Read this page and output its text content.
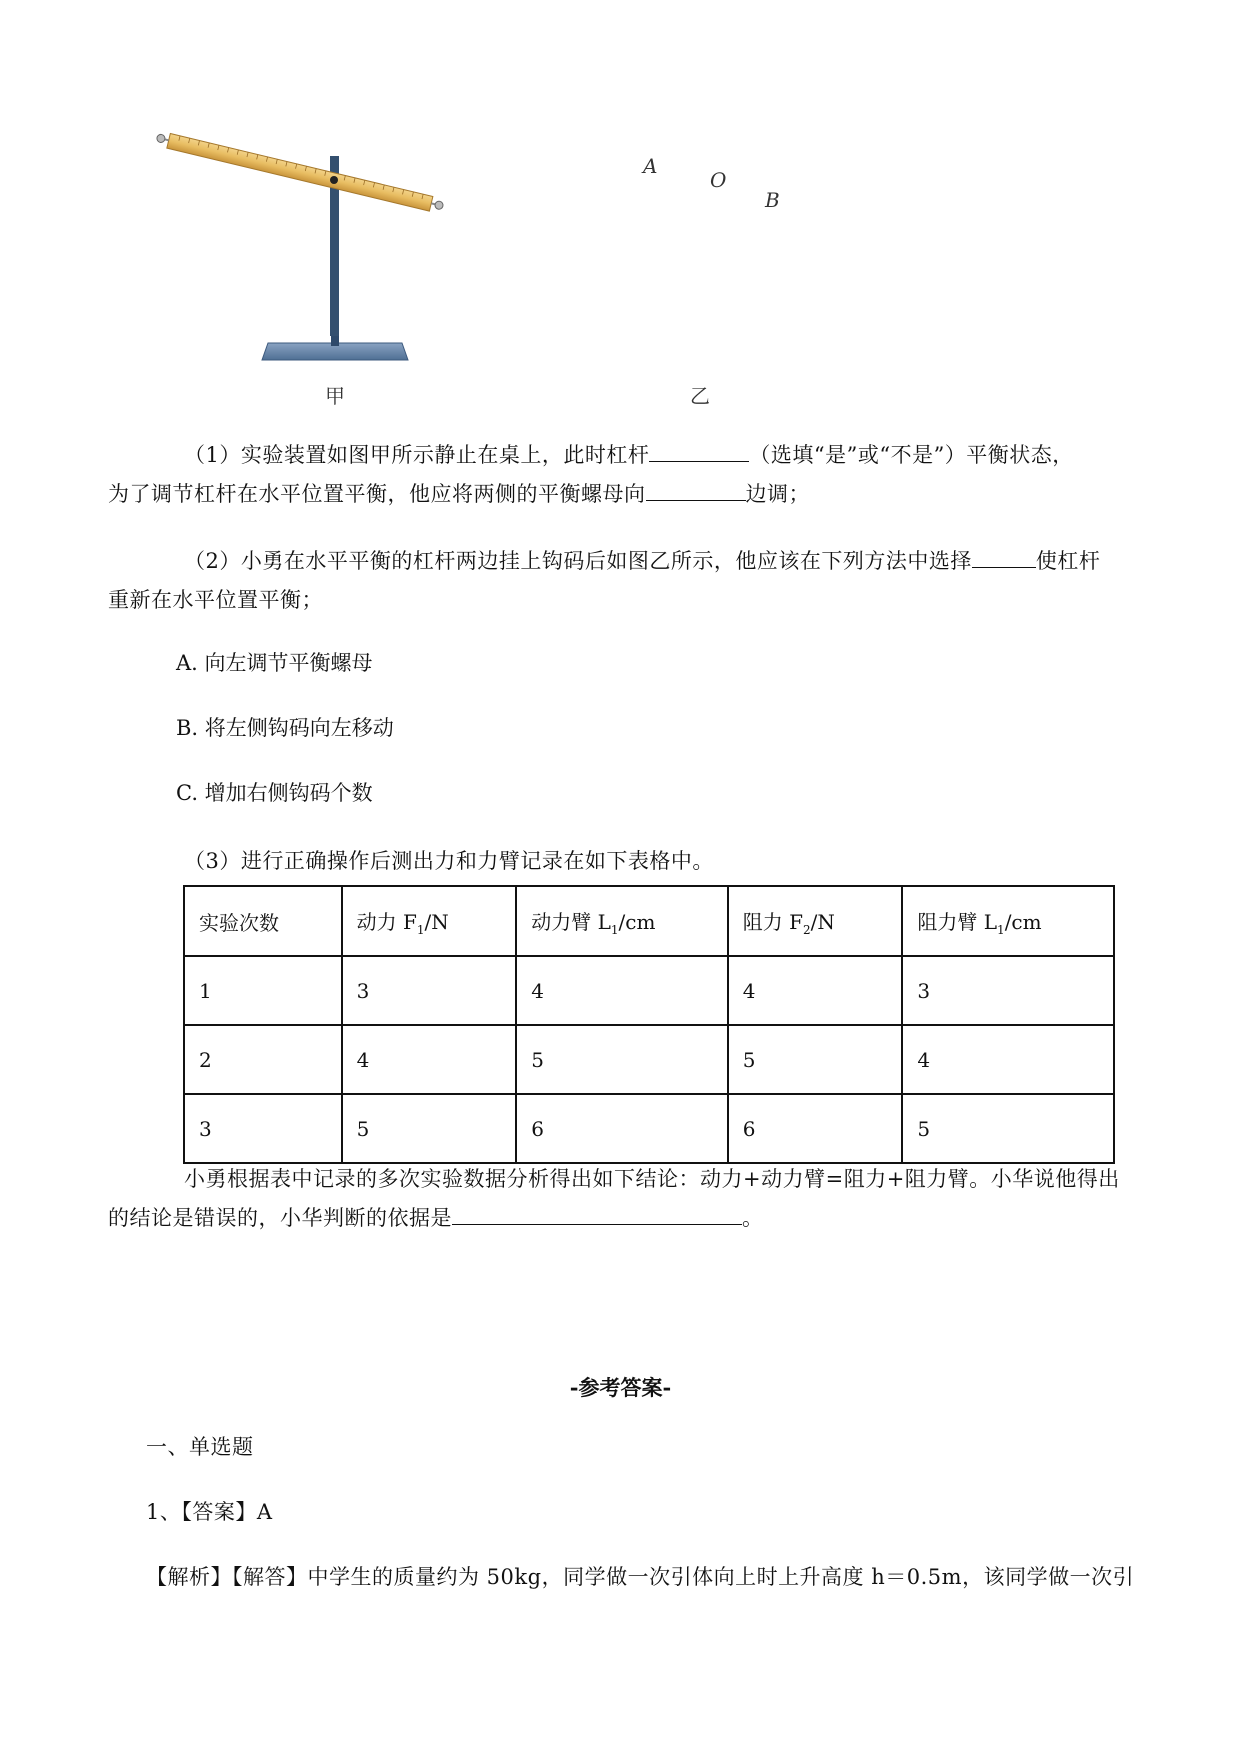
甲	乙
A
O
B
（1）实验装置如图甲所示静止在桌上，此时杠杆	（选填“是”或“不是”）平衡状态，
为了调节杠杆在水平位置平衡，他应将两侧的平衡螺母向	边调；
（2）小勇在水平平衡的杠杆两边挂上钩码后如图乙所示，他应该在下列方法中选择	使杠杆
重新在水平位置平衡；
A. 向左调节平衡螺母
B. 将左侧钩码向左移动
C. 增加右侧钩码个数
（3）进行正确操作后测出力和力臂记录在如下表格中。
实验次数	动力 $F_1/N$	动力臂 $L_1/cm$	阻力 $F_2/N$	阻力臂 $L_1/cm$
1	3	4	4	3
2	4	5	5	4
3	5	6	6	5
小勇根据表中记录的多次实验数据分析得出如下结论：动力+动力臂=阻力+阻力臂。小华说他得出
的结论是错误的，小华判断的依据是	。
-参考答案-
一、单选题
1、【答案】A
【解析】【解答】中学生的质量约为 50kg，同学做一次引体向上时上升高度 h＝0.5m，该同学做一次引
